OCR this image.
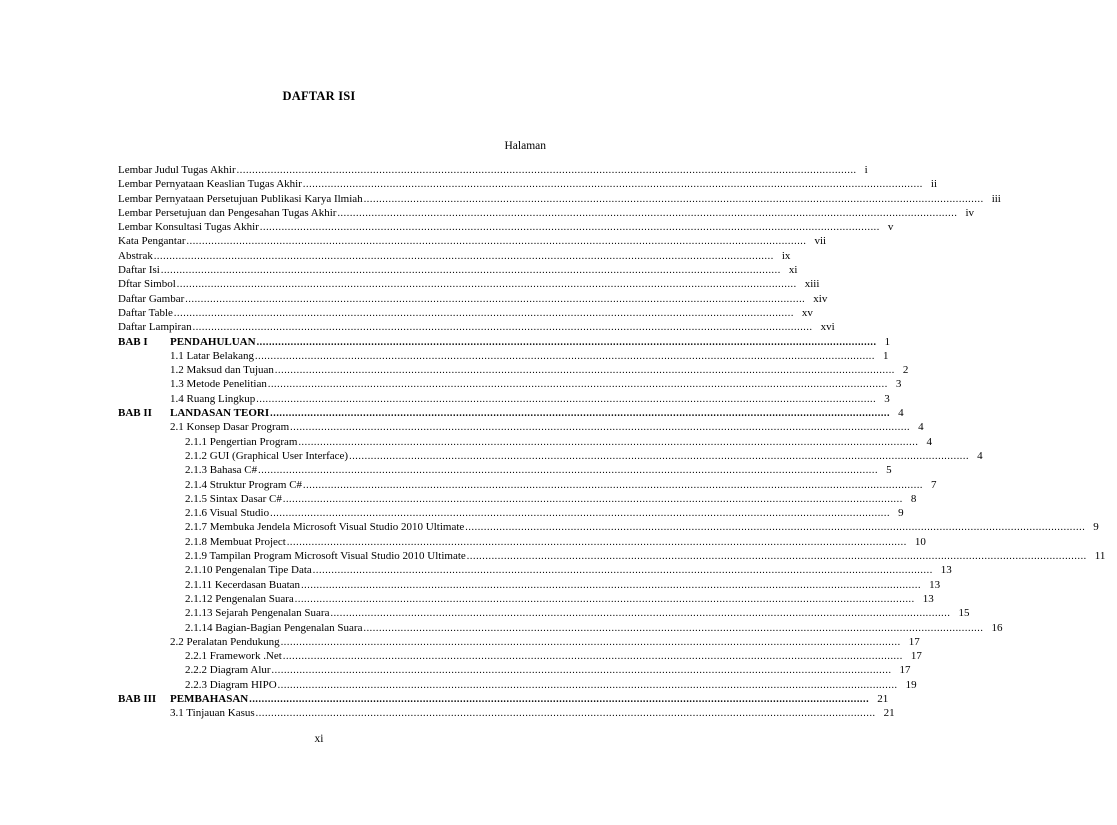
DAFTAR ISI
Halaman
Lembar Judul Tugas Akhir ........................................................................................................................................................................................................ i
Lembar Pernyataan Keaslian Tugas Akhir ........................................................................................................................................................................................................ ii
Lembar Pernyataan Persetujuan Publikasi Karya Ilmiah ........................................................................................................................................................................................................ iii
Lembar Persetujuan dan Pengesahan Tugas Akhir ........................................................................................................................................................................................................ iv
Lembar Konsultasi Tugas Akhir ........................................................................................................................................................................................................ v
Kata Pengantar ........................................................................................................................................................................................................ vii
Abstrak ........................................................................................................................................................................................................ ix
Daftar Isi ........................................................................................................................................................................................................ xi
Dftar Simbol ........................................................................................................................................................................................................ xiii
Daftar Gambar ........................................................................................................................................................................................................ xiv
Daftar Table ........................................................................................................................................................................................................ xv
Daftar Lampiran ........................................................................................................................................................................................................ xvi
BAB I PENDAHULUAN ........................................................................................................................................................................................................ 1
1.1 Latar Belakang ........................................................................................................................................................................................................ 1
1.2 Maksud dan Tujuan ........................................................................................................................................................................................................ 2
1.3 Metode Penelitian ........................................................................................................................................................................................................ 3
1.4 Ruang Lingkup ........................................................................................................................................................................................................ 3
BAB II LANDASAN TEORI ........................................................................................................................................................................................................ 4
2.1 Konsep Dasar Program ........................................................................................................................................................................................................ 4
2.1.1 Pengertian Program ........................................................................................................................................................................................................ 4
2.1.2 GUI (Graphical User Interface) ........................................................................................................................................................................................................ 4
2.1.3 Bahasa C# ........................................................................................................................................................................................................ 5
2.1.4 Struktur Program C# ........................................................................................................................................................................................................ 7
2.1.5 Sintax Dasar C# ........................................................................................................................................................................................................ 8
2.1.6 Visual Studio ........................................................................................................................................................................................................ 9
2.1.7 Membuka Jendela Microsoft Visual Studio 2010 Ultimate ........................................................................................................................................................................................................ 9
2.1.8 Membuat Project ........................................................................................................................................................................................................ 10
2.1.9 Tampilan Program Microsoft Visual Studio 2010 Ultimate ........................................................................................................................................................................................................ 11
2.1.10 Pengenalan Tipe Data ........................................................................................................................................................................................................ 13
2.1.11 Kecerdasan Buatan ........................................................................................................................................................................................................ 13
2.1.12 Pengenalan Suara ........................................................................................................................................................................................................ 13
2.1.13 Sejarah Pengenalan Suara ........................................................................................................................................................................................................ 15
2.1.14 Bagian-Bagian Pengenalan Suara ........................................................................................................................................................................................................ 16
2.2 Peralatan Pendukung ........................................................................................................................................................................................................ 17
2.2.1 Framework .Net ........................................................................................................................................................................................................ 17
2.2.2 Diagram Alur ........................................................................................................................................................................................................ 17
2.2.3 Diagram HIPO ........................................................................................................................................................................................................ 19
BAB III PEMBAHASAN ........................................................................................................................................................................................................ 21
3.1 Tinjauan Kasus ........................................................................................................................................................................................................ 21
xi
